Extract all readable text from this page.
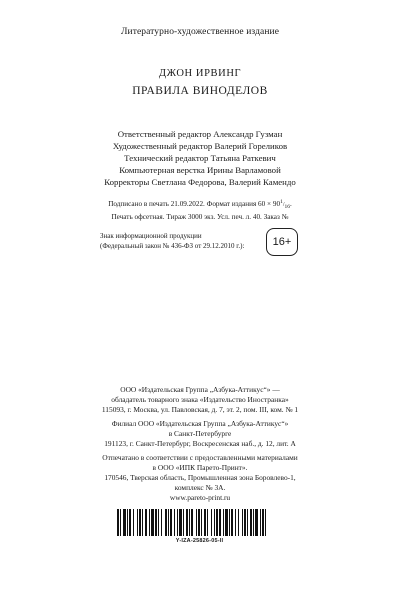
Литературно-художественное издание
ДЖОН ИРВИНГ
ПРАВИЛА ВИНОДЕЛОВ
Ответственный редактор Александр Гузман
Художественный редактор Валерий Гореликов
Технический редактор Татьяна Раткевич
Компьютерная верстка Ирины Варламовой
Корректоры Светлана Федорова, Валерий Камендо
Подписано в печать 21.09.2022. Формат издания $60 \times 90^1/_{16}$.
Печать офсетная. Тираж 3000 экз. Усл. печ. л. 40. Заказ №
Знак информационной продукции
(Федеральный закон № 436-ФЗ от 29.12.2010 г.):	16+
ООО «Издательская Группа „Азбука-Аттикус“» —
обладатель товарного знака «Издательство Иностранка»
115093, г. Москва, ул. Павловская, д. 7, эт. 2, пом. III, ком. № 1
Филиал ООО «Издательская Группа „Азбука-Аттикус“»
в Санкт-Петербурге
191123, г. Санкт-Петербург, Воскресенская наб., д. 12, лит. А
Отпечатано в соответствии с предоставленными материалами
в ООО «ИПК Парето-Принт».
170546, Тверская область, Промышленная зона Боровлево-1,
комплекс № 3А.
www.pareto-print.ru
Y-IZA-25826-05-II
